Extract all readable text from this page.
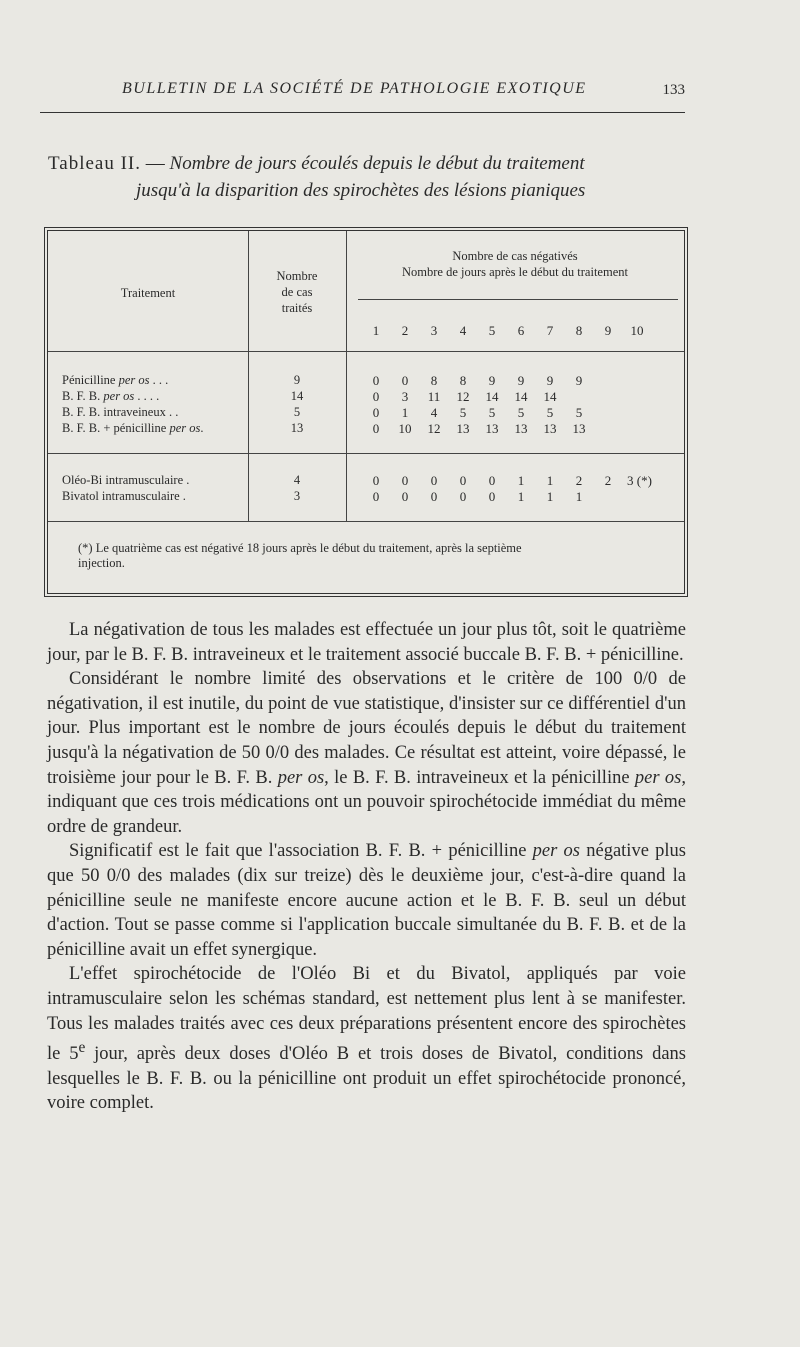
BULLETIN DE LA SOCIÉTÉ DE PATHOLOGIE EXOTIQUE	133
Tableau II. — Nombre de jours écoulés depuis le début du traitement
jusqu'à la disparition des spirochètes des lésions pianiques
Traitement
Nombre
de cas
traités
Nombre de cas négativés
Nombre de jours après le début du traitement
1	2	3	4	5	6	7	8	9	10
Pénicilline per os . . .	9	0	0	8	8	9	9	9	9
B. F. B. per os . . . .	14	0	3	11 12 14 14 14
B. F. B. intraveineux . .	5	0	1	4	5	5	5	5	5
B. F. B. + pénicilline per os.	13	0	10 12 13 13 13 13 13
Oléo-Bi intramusculaire .	4	0	0	0	0	0	1	1	2	2	3 (*)
Bivatol intramusculaire .	3	0	0	0	0	0	1	1	1
(*) Le quatrième cas est négativé 18 jours après le début du traitement, après la septième
injection.

La négativation de tous les malades est effectuée un jour plus tôt, soit le quatrième jour, par le B. F. B. intraveineux et le traitement associé buccale B. F. B. + pénicilline.

Considérant le nombre limité des observations et le critère de 100 0/0 de négativation, il est inutile, du point de vue statistique, d'insister sur ce différentiel d'un jour. Plus important est le nombre de jours écoulés depuis le début du traitement jusqu'à la négativation de 50 0/0 des malades. Ce résultat est atteint, voire dépassé, le troisième jour pour le B. F. B. per os, le B. F. B. intraveineux et la pénicilline per os, indiquant que ces trois médications ont un pouvoir spirochétocide immédiat du même ordre de grandeur.

Significatif est le fait que l'association B. F. B. + pénicilline per os négative plus que 50 0/0 des malades (dix sur treize) dès le deuxième jour, c'est-à-dire quand la pénicilline seule ne manifeste encore aucune action et le B. F. B. seul un début d'action. Tout se passe comme si l'application buccale simultanée du B. F. B. et de la pénicilline avait un effet synergique.

L'effet spirochétocide de l'Oléo Bi et du Bivatol, appliqués par voie intramusculaire selon les schémas standard, est nettement plus lent à se manifester. Tous les malades traités avec ces deux préparations présentent encore des spirochètes le 5e jour, après deux doses d'Oléo B et trois doses de Bivatol, conditions dans lesquelles le B. F. B. ou la pénicilline ont produit un effet spirochétocide prononcé, voire complet.
